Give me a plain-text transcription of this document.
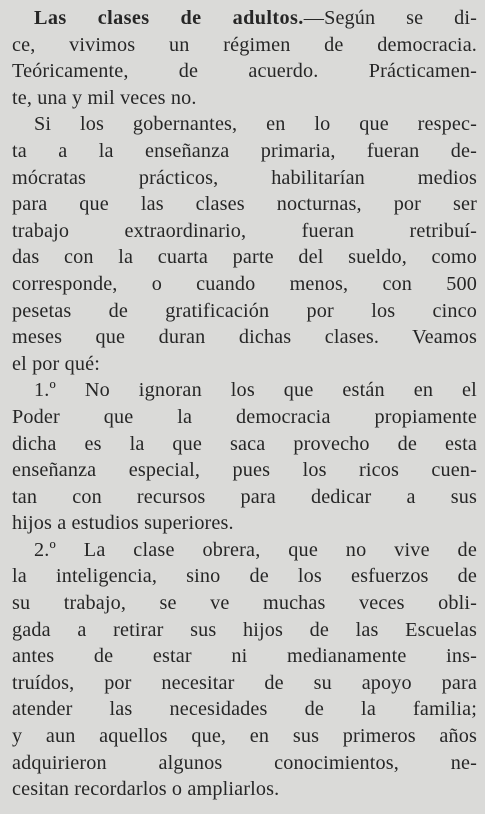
Las clases de adultos.—Según se di-
ce, vivimos un régimen de democracia.
Teóricamente, de acuerdo. Prácticamen-
te, una y mil veces no.
Si los gobernantes, en lo que respec-
ta a la enseñanza primaria, fueran de-
mócratas prácticos, habilitarían medios
para que las clases nocturnas, por ser
trabajo extraordinario, fueran retribuí-
das con la cuarta parte del sueldo, como
corresponde, o cuando menos, con 500
pesetas de gratificación por los cinco
meses que duran dichas clases. Veamos
el por qué:
1.º No ignoran los que están en el
Poder que la democracia propiamente
dicha es la que saca provecho de esta
enseñanza especial, pues los ricos cuen-
tan con recursos para dedicar a sus
hijos a estudios superiores.
2.º La clase obrera, que no vive de
la inteligencia, sino de los esfuerzos de
su trabajo, se ve muchas veces obli-
gada a retirar sus hijos de las Escuelas
antes de estar ni medianamente ins-
truídos, por necesitar de su apoyo para
atender las necesidades de la familia;
y aun aquellos que, en sus primeros años
adquirieron algunos conocimientos, ne-
cesitan recordarlos o ampliarlos.
